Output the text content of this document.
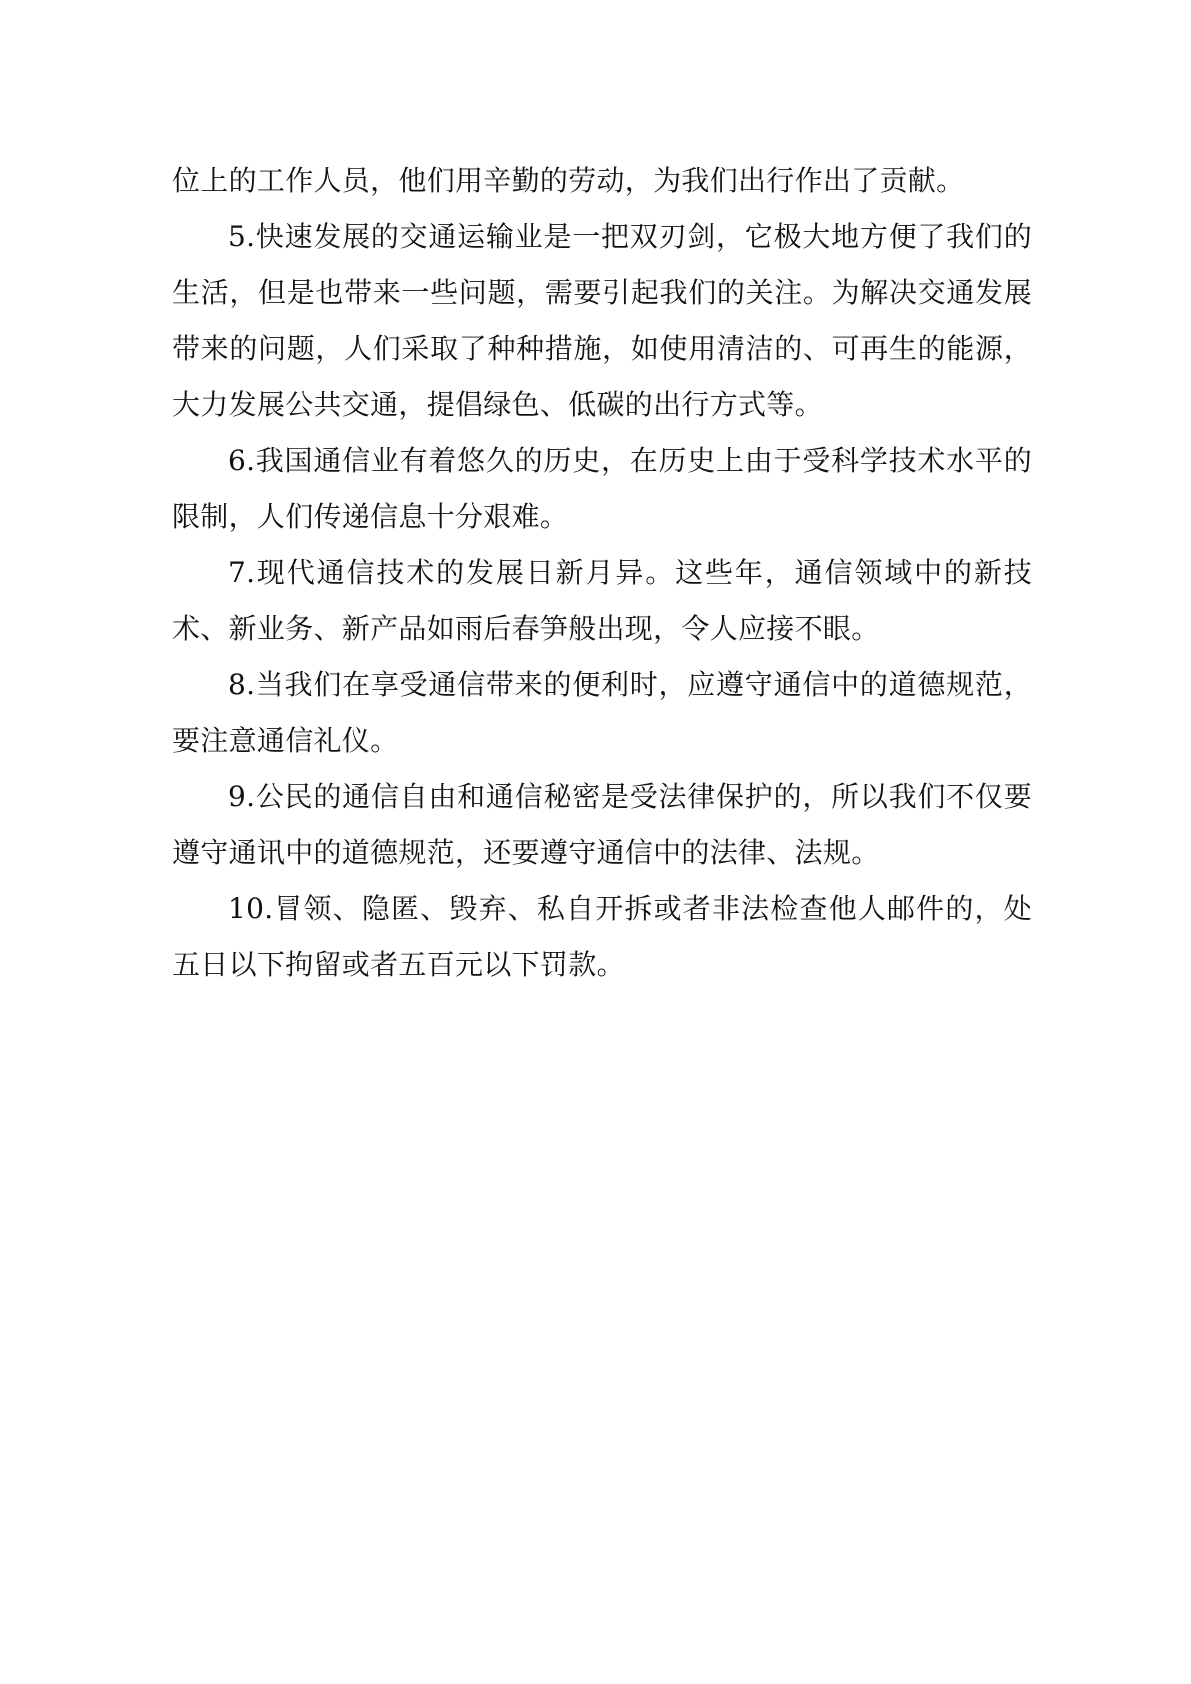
位上的工作人员，他们用辛勤的劳动，为我们出行作出了贡献。

5.快速发展的交通运输业是一把双刃剑，它极大地方便了我们的生活，但是也带来一些问题，需要引起我们的关注。为解决交通发展带来的问题，人们采取了种种措施，如使用清洁的、可再生的能源，大力发展公共交通，提倡绿色、低碳的出行方式等。

6.我国通信业有着悠久的历史，在历史上由于受科学技术水平的限制，人们传递信息十分艰难。

7.现代通信技术的发展日新月异。这些年，通信领域中的新技术、新业务、新产品如雨后春笋般出现，令人应接不眼。

8.当我们在享受通信带来的便利时，应遵守通信中的道德规范，要注意通信礼仪。

9.公民的通信自由和通信秘密是受法律保护的，所以我们不仅要遵守通讯中的道德规范，还要遵守通信中的法律、法规。

10.冒领、隐匿、毁弃、私自开拆或者非法检查他人邮件的，处五日以下拘留或者五百元以下罚款。
